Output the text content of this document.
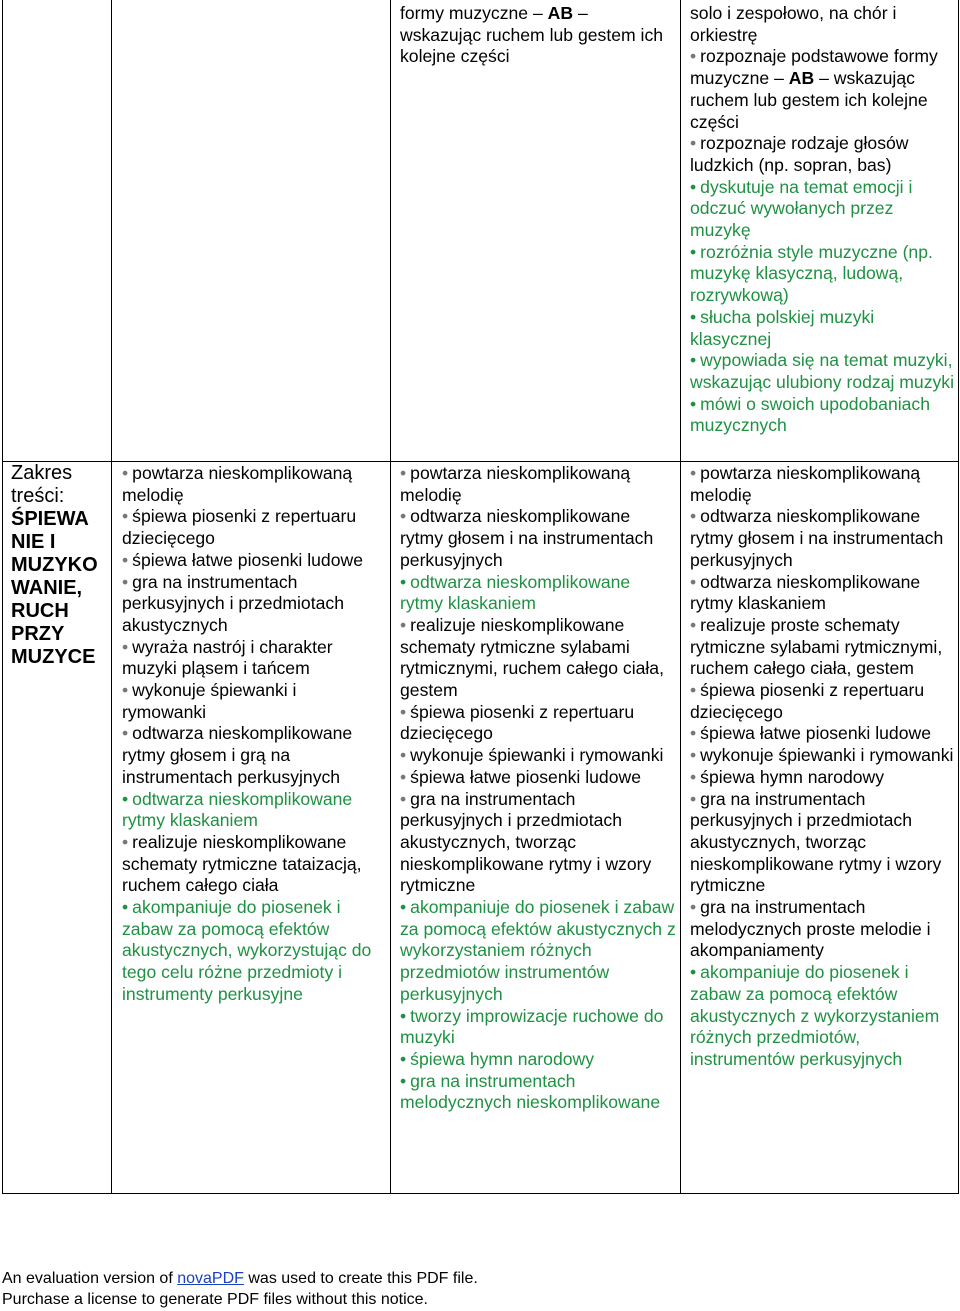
Zakres treści:
ŚPIEWA NIE I MUZYKO WANIE, RUCH PRZY MUZYCE
formy muzyczne – AB –
wskazując ruchem lub gestem ich kolejne części
solo i zespołowo, na chór i orkiestrę
• rozpoznaje podstawowe formy muzyczne – AB – wskazując ruchem lub gestem ich kolejne części
• rozpoznaje rodzaje głosów ludzkich (np. sopran, bas)
• dyskutuje na temat emocji i odczuć wywołanych przez muzykę
• rozróżnia style muzyczne (np. muzykę klasyczną, ludową, rozrywkową)
• słucha polskiej muzyki klasycznej
• wypowiada się na temat muzyki, wskazując ulubiony rodzaj muzyki
• mówi o swoich upodobaniach muzycznych
• powtarza nieskomplikowaną melodię
• śpiewa piosenki z repertuaru dziecięcego
• śpiewa łatwe piosenki ludowe
• gra na instrumentach perkusyjnych i przedmiotach akustycznych
• wyraża nastrój i charakter muzyki pląsem i tańcem
• wykonuje śpiewanki i rymowanki
• odtwarza nieskomplikowane rytmy głosem i grą na instrumentach perkusyjnych
• odtwarza nieskomplikowane rytmy klaskaniem
• realizuje nieskomplikowane schematy rytmiczne tataizacją, ruchem całego ciała
• akompaniuje do piosenek i zabaw za pomocą efektów akustycznych, wykorzystując do tego celu różne przedmioty i instrumenty perkusyjne
• powtarza nieskomplikowaną melodię
• odtwarza nieskomplikowane rytmy głosem i na instrumentach perkusyjnych
• odtwarza nieskomplikowane rytmy klaskaniem
• realizuje nieskomplikowane schematy rytmiczne sylabami rytmicznymi, ruchem całego ciała, gestem
• śpiewa piosenki z repertuaru dziecięcego
• wykonuje śpiewanki i rymowanki
• śpiewa łatwe piosenki ludowe
• gra na instrumentach perkusyjnych i przedmiotach akustycznych, tworząc nieskomplikowane rytmy i wzory rytmiczne
• akompaniuje do piosenek i zabaw za pomocą efektów akustycznych z wykorzystaniem różnych przedmiotów instrumentów perkusyjnych
• tworzy improwizacje ruchowe do muzyki
• śpiewa hymn narodowy
• gra na instrumentach melodycznych nieskomplikowane
• powtarza nieskomplikowaną melodię
• odtwarza nieskomplikowane rytmy głosem i na instrumentach perkusyjnych
• odtwarza nieskomplikowane rytmy klaskaniem
• realizuje proste schematy rytmiczne sylabami rytmicznymi, ruchem całego ciała, gestem
• śpiewa piosenki z repertuaru dziecięcego
• śpiewa łatwe piosenki ludowe
• wykonuje śpiewanki i rymowanki
• śpiewa hymn narodowy
• gra na instrumentach perkusyjnych i przedmiotach akustycznych, tworząc nieskomplikowane rytmy i wzory rytmiczne
• gra na instrumentach melodycznych proste melodie i akompaniamenty
• akompaniuje do piosenek i zabaw za pomocą efektów akustycznych z wykorzystaniem różnych przedmiotów, instrumentów perkusyjnych
An evaluation version of novaPDF was used to create this PDF file.
Purchase a license to generate PDF files without this notice.
